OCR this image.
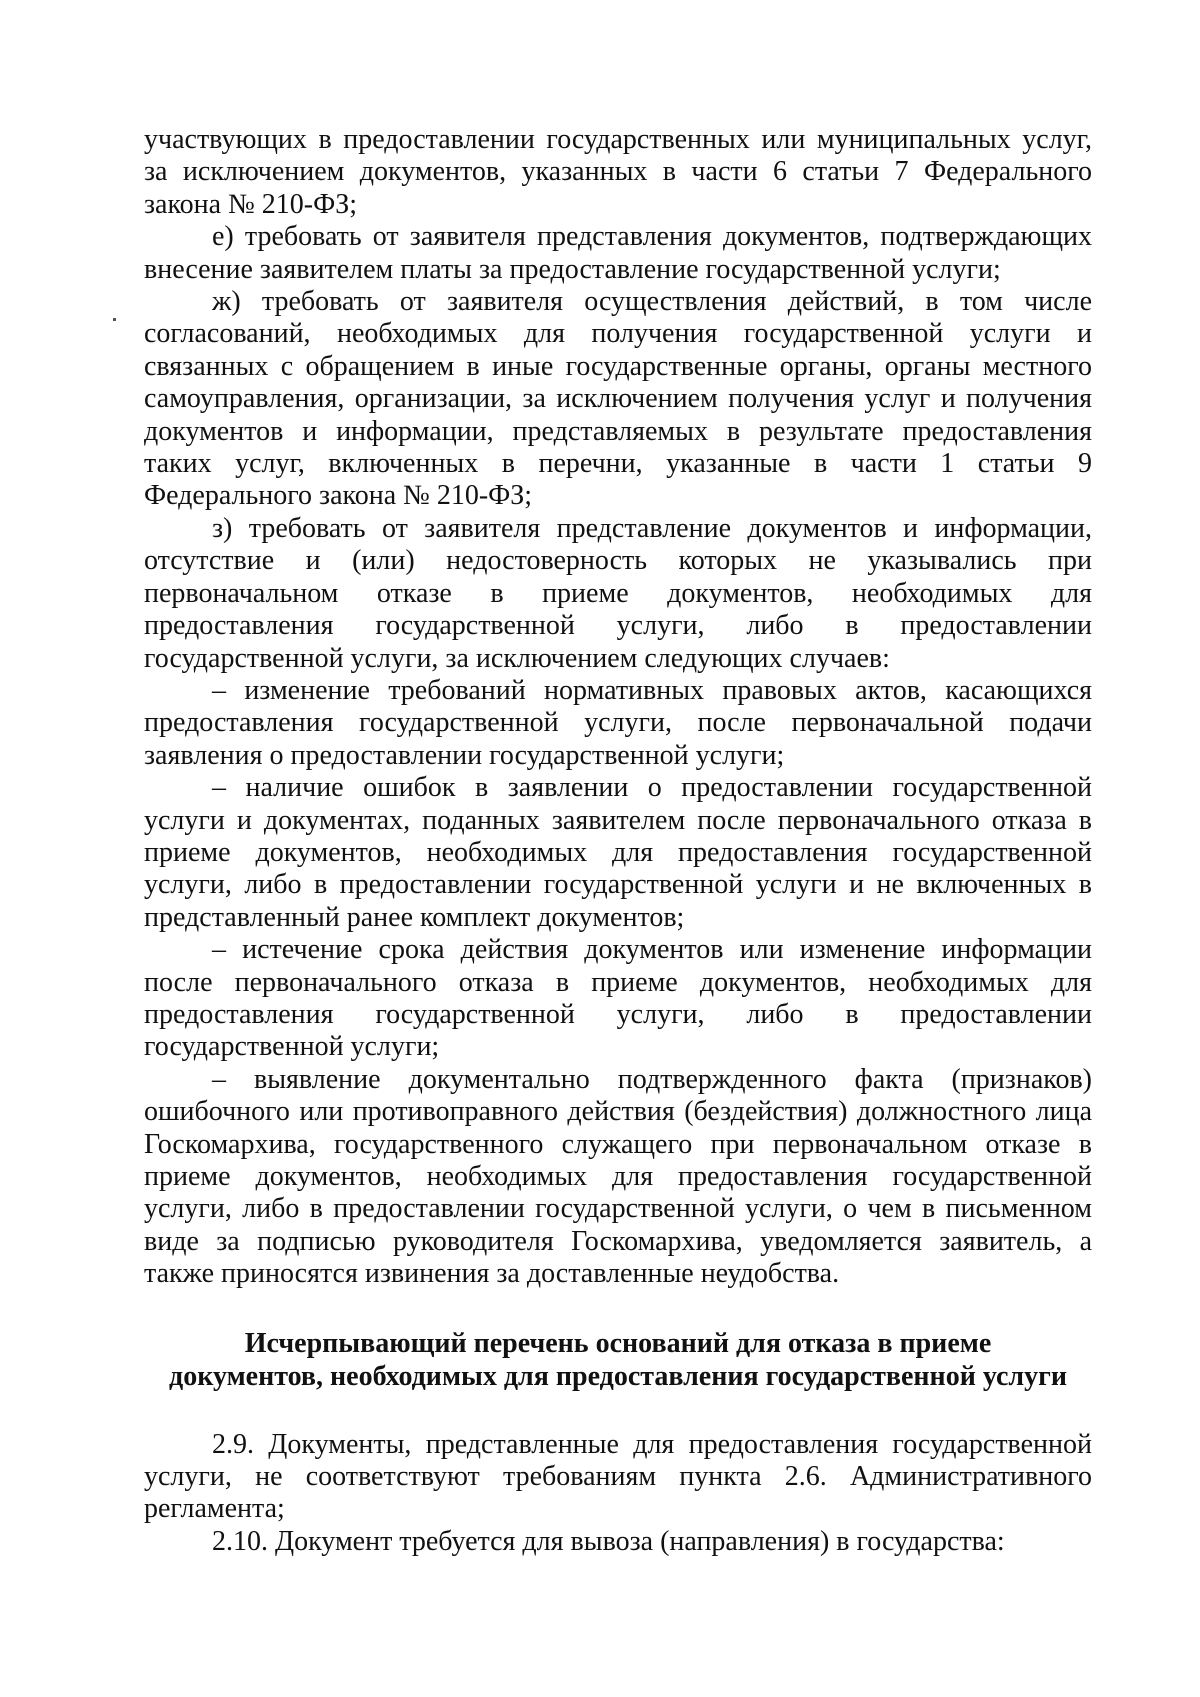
участвующих в предоставлении государственных или муниципальных услуг, за исключением документов, указанных в части 6 статьи 7 Федерального закона № 210-ФЗ;

е) требовать от заявителя представления документов, подтверждающих внесение заявителем платы за предоставление государственной услуги;

ж) требовать от заявителя осуществления действий, в том числе согласований, необходимых для получения государственной услуги и связанных с обращением в иные государственные органы, органы местного самоуправления, организации, за исключением получения услуг и получения документов и информации, представляемых в результате предоставления таких услуг, включенных в перечни, указанные в части 1 статьи 9 Федерального закона № 210-ФЗ;

з) требовать от заявителя представление документов и информации, отсутствие и (или) недостоверность которых не указывались при первоначальном отказе в приеме документов, необходимых для предоставления государственной услуги, либо в предоставлении государственной услуги, за исключением следующих случаев:

– изменение требований нормативных правовых актов, касающихся предоставления государственной услуги, после первоначальной подачи заявления о предоставлении государственной услуги;

– наличие ошибок в заявлении о предоставлении государственной услуги и документах, поданных заявителем после первоначального отказа в приеме документов, необходимых для предоставления государственной услуги, либо в предоставлении государственной услуги и не включенных в представленный ранее комплект документов;

– истечение срока действия документов или изменение информации после первоначального отказа в приеме документов, необходимых для предоставления государственной услуги, либо в предоставлении государственной услуги;

– выявление документально подтвержденного факта (признаков) ошибочного или противоправного действия (бездействия) должностного лица Госкомархива, государственного служащего при первоначальном отказе в приеме документов, необходимых для предоставления государственной услуги, либо в предоставлении государственной услуги, о чем в письменном виде за подписью руководителя Госкомархива, уведомляется заявитель, а также приносятся извинения за доставленные неудобства.

Исчерпывающий перечень оснований для отказа в приеме
документов, необходимых для предоставления государственной услуги

2.9. Документы, представленные для предоставления государственной услуги, не соответствуют требованиям пункта 2.6. Административного регламента;

2.10. Документ требуется для вывоза (направления) в государства:
